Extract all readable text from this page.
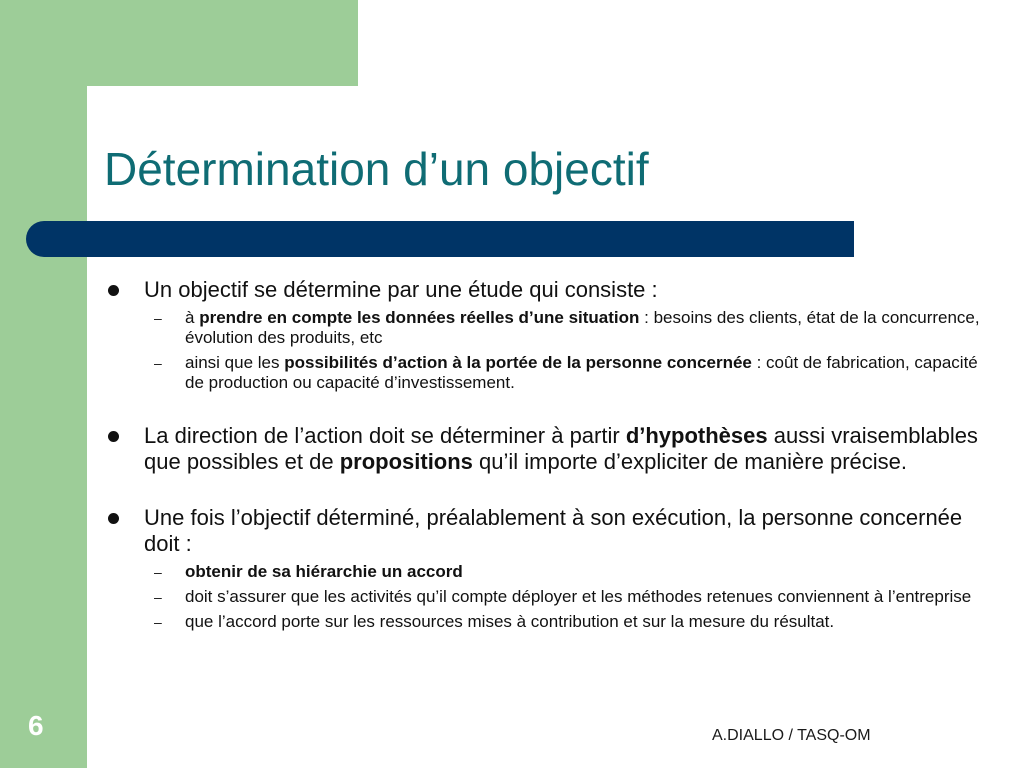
Détermination d’un objectif
Un objectif se détermine par une étude qui consiste :
– à prendre en compte les données réelles d’une situation : besoins des clients, état de la concurrence, évolution des produits, etc
– ainsi que les possibilités d’action à la portée de la personne concernée : coût de fabrication, capacité de production ou capacité d’investissement.
La direction de l’action doit se déterminer à partir d’hypothèses aussi vraisemblables que possibles et de propositions qu’il importe d’expliciter de manière précise.
Une fois l’objectif déterminé, préalablement à son exécution, la personne concernée doit :
– obtenir de sa hiérarchie un accord
– doit s’assurer que les activités qu’il compte déployer et les méthodes retenues conviennent à l’entreprise
– que l’accord porte sur les ressources mises à contribution et sur la mesure du résultat.
6	A.DIALLO / TASQ-OM
